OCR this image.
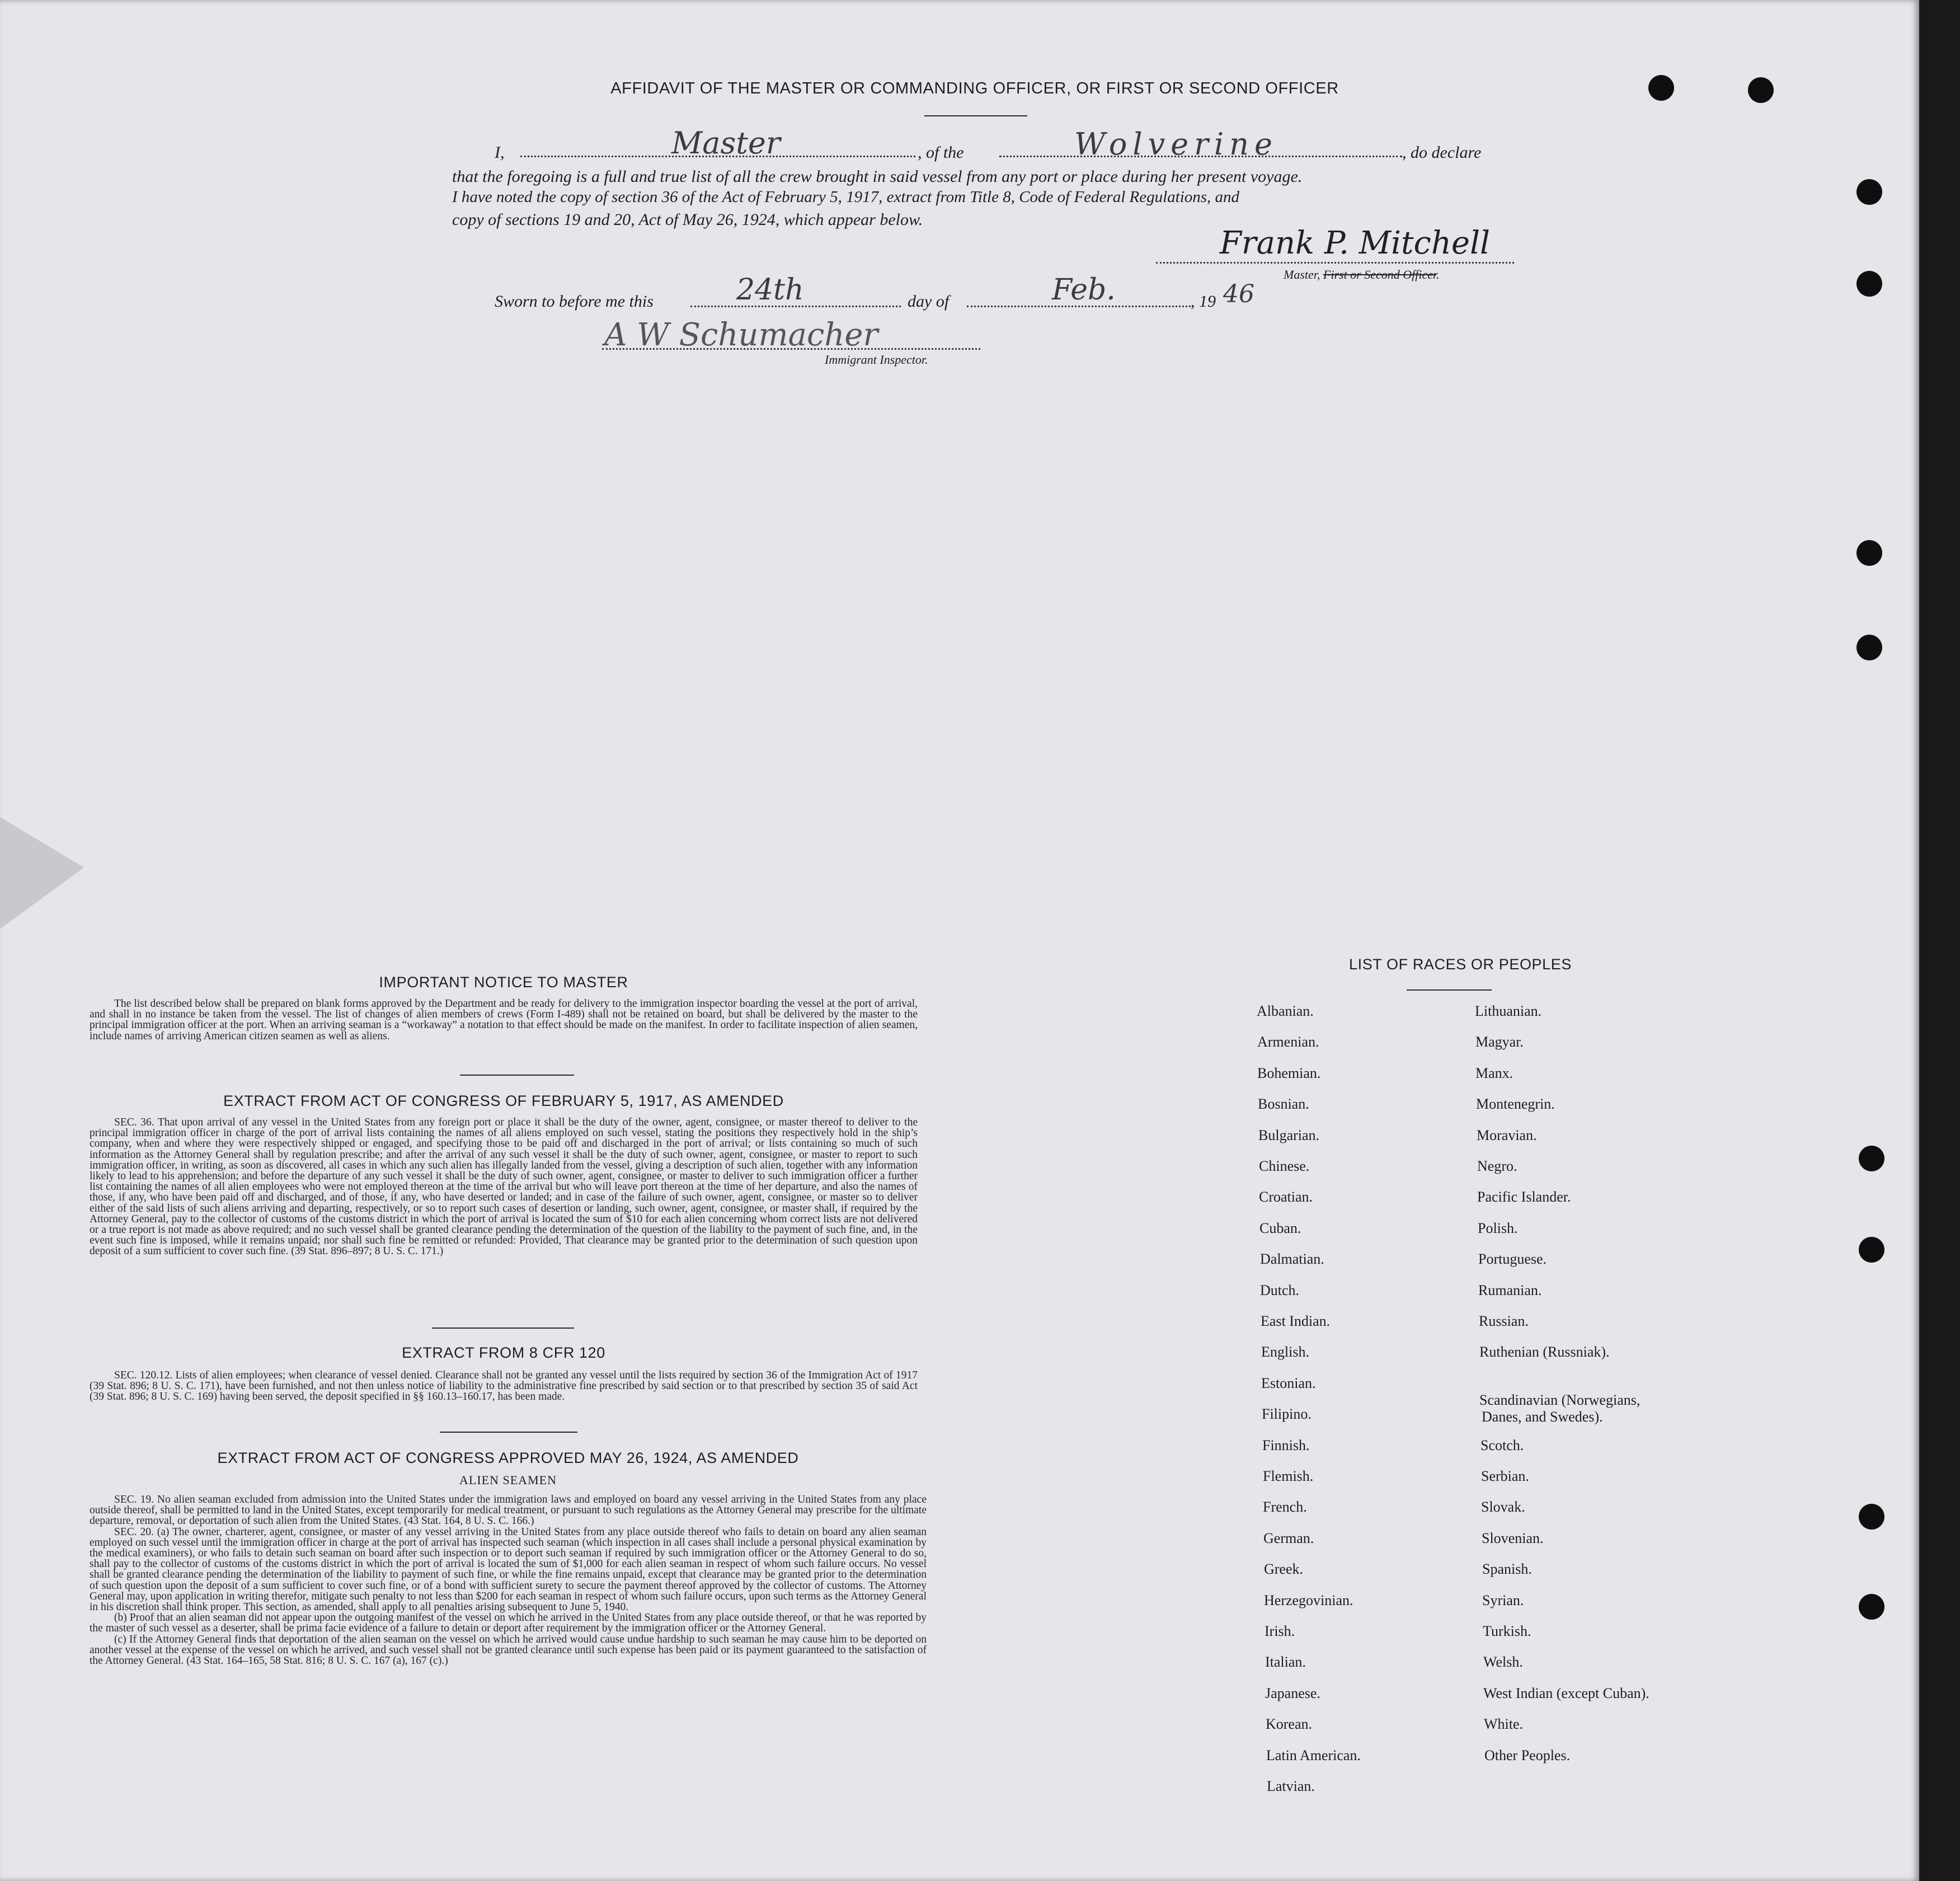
AFFIDAVIT OF THE MASTER OR COMMANDING OFFICER, OR FIRST OR SECOND OFFICER
I,	Master	, of the	Wolverine	, do declare
that the foregoing is a full and true list of all the crew brought in said vessel from any port or place during her present voyage.
I have noted the copy of section 36 of the Act of February 5, 1917, extract from Title 8, Code of Federal Regulations, and
copy of sections 19 and 20, Act of May 26, 1924, which appear below.
Frank P. Mitchell
Master, First or Second Officer.
Sworn to before me this	24th	day of	Feb.	, 19 46
A W Schumacher
Immigrant Inspector.
IMPORTANT NOTICE TO MASTER

The list described below shall be prepared on blank forms approved by the Department and be ready for delivery to the immigration inspector boarding the vessel at the port of arrival, and shall in no instance be taken from the vessel. The list of changes of alien members of crews (Form I-489) shall not be retained on board, but shall be delivered by the master to the principal immigration officer at the port. When an arriving seaman is a “workaway” a notation to that effect should be made on the manifest. In order to facilitate inspection of alien seamen, include names of arriving American citizen seamen as well as aliens.

EXTRACT FROM ACT OF CONGRESS OF FEBRUARY 5, 1917, AS AMENDED

SEC. 36. That upon arrival of any vessel in the United States from any foreign port or place it shall be the duty of the owner, agent, consignee, or master thereof to deliver to the principal immigration officer in charge of the port of arrival lists containing the names of all aliens employed on such vessel, stating the positions they respectively hold in the ship’s company, when and where they were respectively shipped or engaged, and specifying those to be paid off and discharged in the port of arrival; or lists containing so much of such information as the Attorney General shall by regulation prescribe; and after the arrival of any such vessel it shall be the duty of such owner, agent, consignee, or master to report to such immigration officer, in writing, as soon as discovered, all cases in which any such alien has illegally landed from the vessel, giving a description of such alien, together with any information likely to lead to his apprehension; and before the departure of any such vessel it shall be the duty of such owner, agent, consignee, or master to deliver to such immigration officer a further list containing the names of all alien employees who were not employed thereon at the time of the arrival but who will leave port thereon at the time of her departure, and also the names of those, if any, who have been paid off and discharged, and of those, if any, who have deserted or landed; and in case of the failure of such owner, agent, consignee, or master so to deliver either of the said lists of such aliens arriving and departing, respectively, or so to report such cases of desertion or landing, such owner, agent, consignee, or master shall, if required by the Attorney General, pay to the collector of customs of the customs district in which the port of arrival is located the sum of $10 for each alien concerning whom correct lists are not delivered or a true report is not made as above required; and no such vessel shall be granted clearance pending the determination of the question of the liability to the payment of such fine, and, in the event such fine is imposed, while it remains unpaid; nor shall such fine be remitted or refunded: Provided, That clearance may be granted prior to the determination of such question upon deposit of a sum sufficient to cover such fine. (39 Stat. 896–897; 8 U. S. C. 171.)

EXTRACT FROM 8 CFR 120

SEC. 120.12. Lists of alien employees; when clearance of vessel denied. Clearance shall not be granted any vessel until the lists required by section 36 of the Immigration Act of 1917 (39 Stat. 896; 8 U. S. C. 171), have been furnished, and not then unless notice of liability to the administrative fine prescribed by said section or to that prescribed by section 35 of said Act (39 Stat. 896; 8 U. S. C. 169) having been served, the deposit specified in §§ 160.13–160.17, has been made.

EXTRACT FROM ACT OF CONGRESS APPROVED MAY 26, 1924, AS AMENDED
ALIEN SEAMEN

SEC. 19. No alien seaman excluded from admission into the United States under the immigration laws and employed on board any vessel arriving in the United States from any place outside thereof, shall be permitted to land in the United States, except temporarily for medical treatment, or pursuant to such regulations as the Attorney General may prescribe for the ultimate departure, removal, or deportation of such alien from the United States. (43 Stat. 164, 8 U. S. C. 166.)

SEC. 20. (a) The owner, charterer, agent, consignee, or master of any vessel arriving in the United States from any place outside thereof who fails to detain on board any alien seaman employed on such vessel until the immigration officer in charge at the port of arrival has inspected such seaman (which inspection in all cases shall include a personal physical examination by the medical examiners), or who fails to detain such seaman on board after such inspection or to deport such seaman if required by such immigration officer or the Attorney General to do so, shall pay to the collector of customs of the customs district in which the port of arrival is located the sum of $1,000 for each alien seaman in respect of whom such failure occurs. No vessel shall be granted clearance pending the determination of the liability to payment of such fine, or while the fine remains unpaid, except that clearance may be granted prior to the determination of such question upon the deposit of a sum sufficient to cover such fine, or of a bond with sufficient surety to secure the payment thereof approved by the collector of customs. The Attorney General may, upon application in writing therefor, mitigate such penalty to not less than $200 for each seaman in respect of whom such failure occurs, upon such terms as the Attorney General in his discretion shall think proper. This section, as amended, shall apply to all penalties arising subsequent to June 5, 1940.

(b) Proof that an alien seaman did not appear upon the outgoing manifest of the vessel on which he arrived in the United States from any place outside thereof, or that he was reported by the master of such vessel as a deserter, shall be prima facie evidence of a failure to detain or deport after requirement by the immigration officer or the Attorney General.

(c) If the Attorney General finds that deportation of the alien seaman on the vessel on which he arrived would cause undue hardship to such seaman he may cause him to be deported on another vessel at the expense of the vessel on which he arrived, and such vessel shall not be granted clearance until such expense has been paid or its payment guaranteed to the satisfaction of the Attorney General. (43 Stat. 164–165, 58 Stat. 816; 8 U. S. C. 167 (a), 167 (c).)

LIST OF RACES OR PEOPLES
Albanian.
Armenian.
Bohemian.
Bosnian.
Bulgarian.
Chinese.
Croatian.
Cuban.
Dalmatian.
Dutch.
East Indian.
English.
Estonian.
Filipino.
Finnish.
Flemish.
French.
German.
Greek.
Herzegovinian.
Irish.
Italian.
Japanese.
Korean.
Latin American.
Latvian.
Lithuanian.
Magyar.
Manx.
Montenegrin.
Moravian.
Negro.
Pacific Islander.
Polish.
Portuguese.
Rumanian.
Russian.
Ruthenian (Russniak).
Scandinavian (Norwegians,
Danes, and Swedes).
Scotch.
Serbian.
Slovak.
Slovenian.
Spanish.
Syrian.
Turkish.
Welsh.
West Indian (except Cuban).
White.
Other Peoples.
